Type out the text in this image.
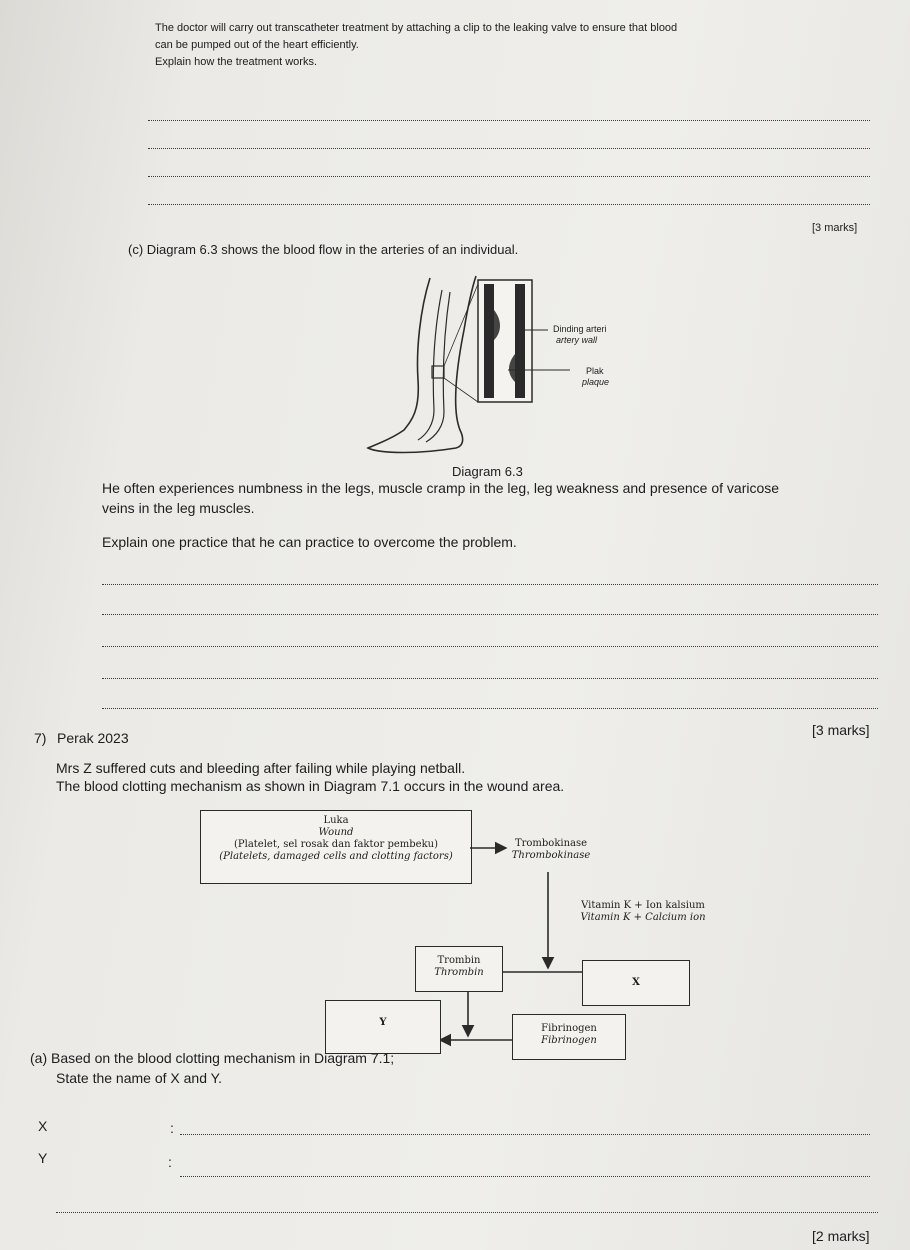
The doctor will carry out transcatheter treatment by attaching a clip to the leaking valve to ensure that blood
can be pumped out of the heart efficiently.
Explain how the treatment works.
[3 marks]
(c) Diagram 6.3 shows the blood flow in the arteries of an individual.
Dinding arteri
artery wall
Plak
plaque
Diagram 6.3
He often experiences numbness in the legs, muscle cramp in the leg, leg weakness and presence of varicose
veins in the leg muscles.
Explain one practice that he can practice to overcome the problem.
[3 marks]
7) Perak 2023
Mrs Z suffered cuts and bleeding after failing while playing netball.
The blood clotting mechanism as shown in Diagram 7.1 occurs in the wound area.
Luka
Wound
(Platelet, sel rosak dan faktor pembeku)
(Platelets, damaged cells and clotting factors)
Trombokinase
Thrombokinase
Vitamin K + Ion kalsium
Vitamin K + Calcium ion
Trombin
Thrombin
X
Y
Fibrinogen
Fibrinogen
(a) Based on the blood clotting mechanism in Diagram 7.1;
State the name of X and Y.
X	:
Y	:
[2 marks]
